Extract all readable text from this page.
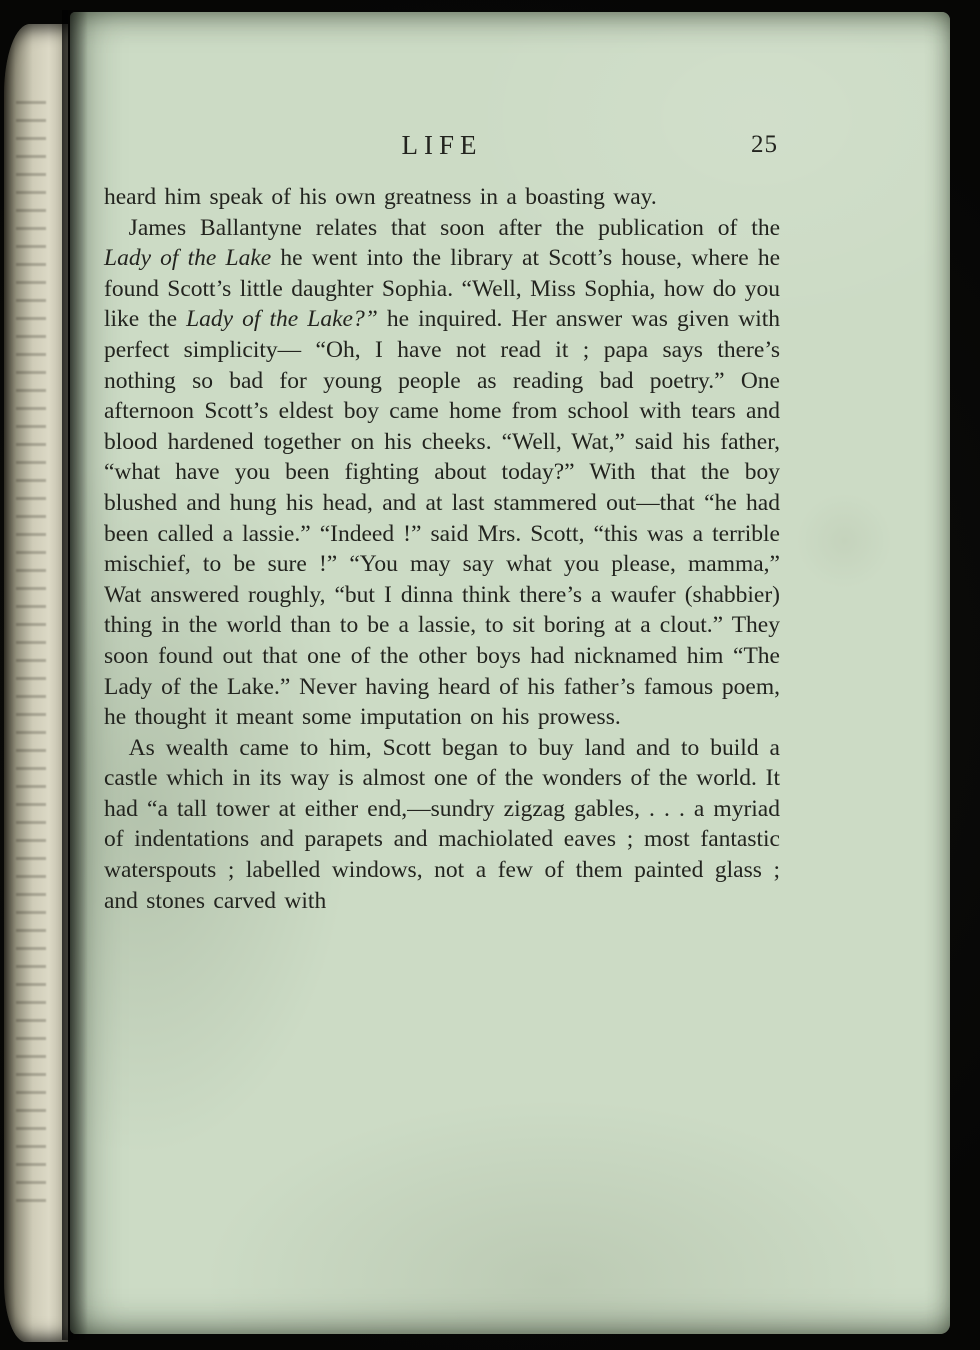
LIFE	25

heard him speak of his own greatness in a boasting way.

James Ballantyne relates that soon after the publication of the Lady of the Lake he went into the library at Scott’s house, where he found Scott’s little daughter Sophia. “Well, Miss Sophia, how do you like the Lady of the Lake?” he inquired. Her answer was given with perfect simplicity— “Oh, I have not read it ; papa says there’s nothing so bad for young people as reading bad poetry.” One afternoon Scott’s eldest boy came home from school with tears and blood hardened together on his cheeks. “Well, Wat,” said his father, “what have you been fighting about today?” With that the boy blushed and hung his head, and at last stammered out—that “he had been called a lassie.” “Indeed !” said Mrs. Scott, “this was a terrible mischief, to be sure !” “You may say what you please, mamma,” Wat answered roughly, “but I dinna think there’s a waufer (shabbier) thing in the world than to be a lassie, to sit boring at a clout.” They soon found out that one of the other boys had nicknamed him “The Lady of the Lake.” Never having heard of his father’s famous poem, he thought it meant some imputation on his prowess.

As wealth came to him, Scott began to buy land and to build a castle which in its way is almost one of the wonders of the world. It had “a tall tower at either end,—sundry zigzag gables, . . . a myriad of indentations and parapets and machiolated eaves ; most fantastic waterspouts ; labelled windows, not a few of them painted glass ; and stones carved with
